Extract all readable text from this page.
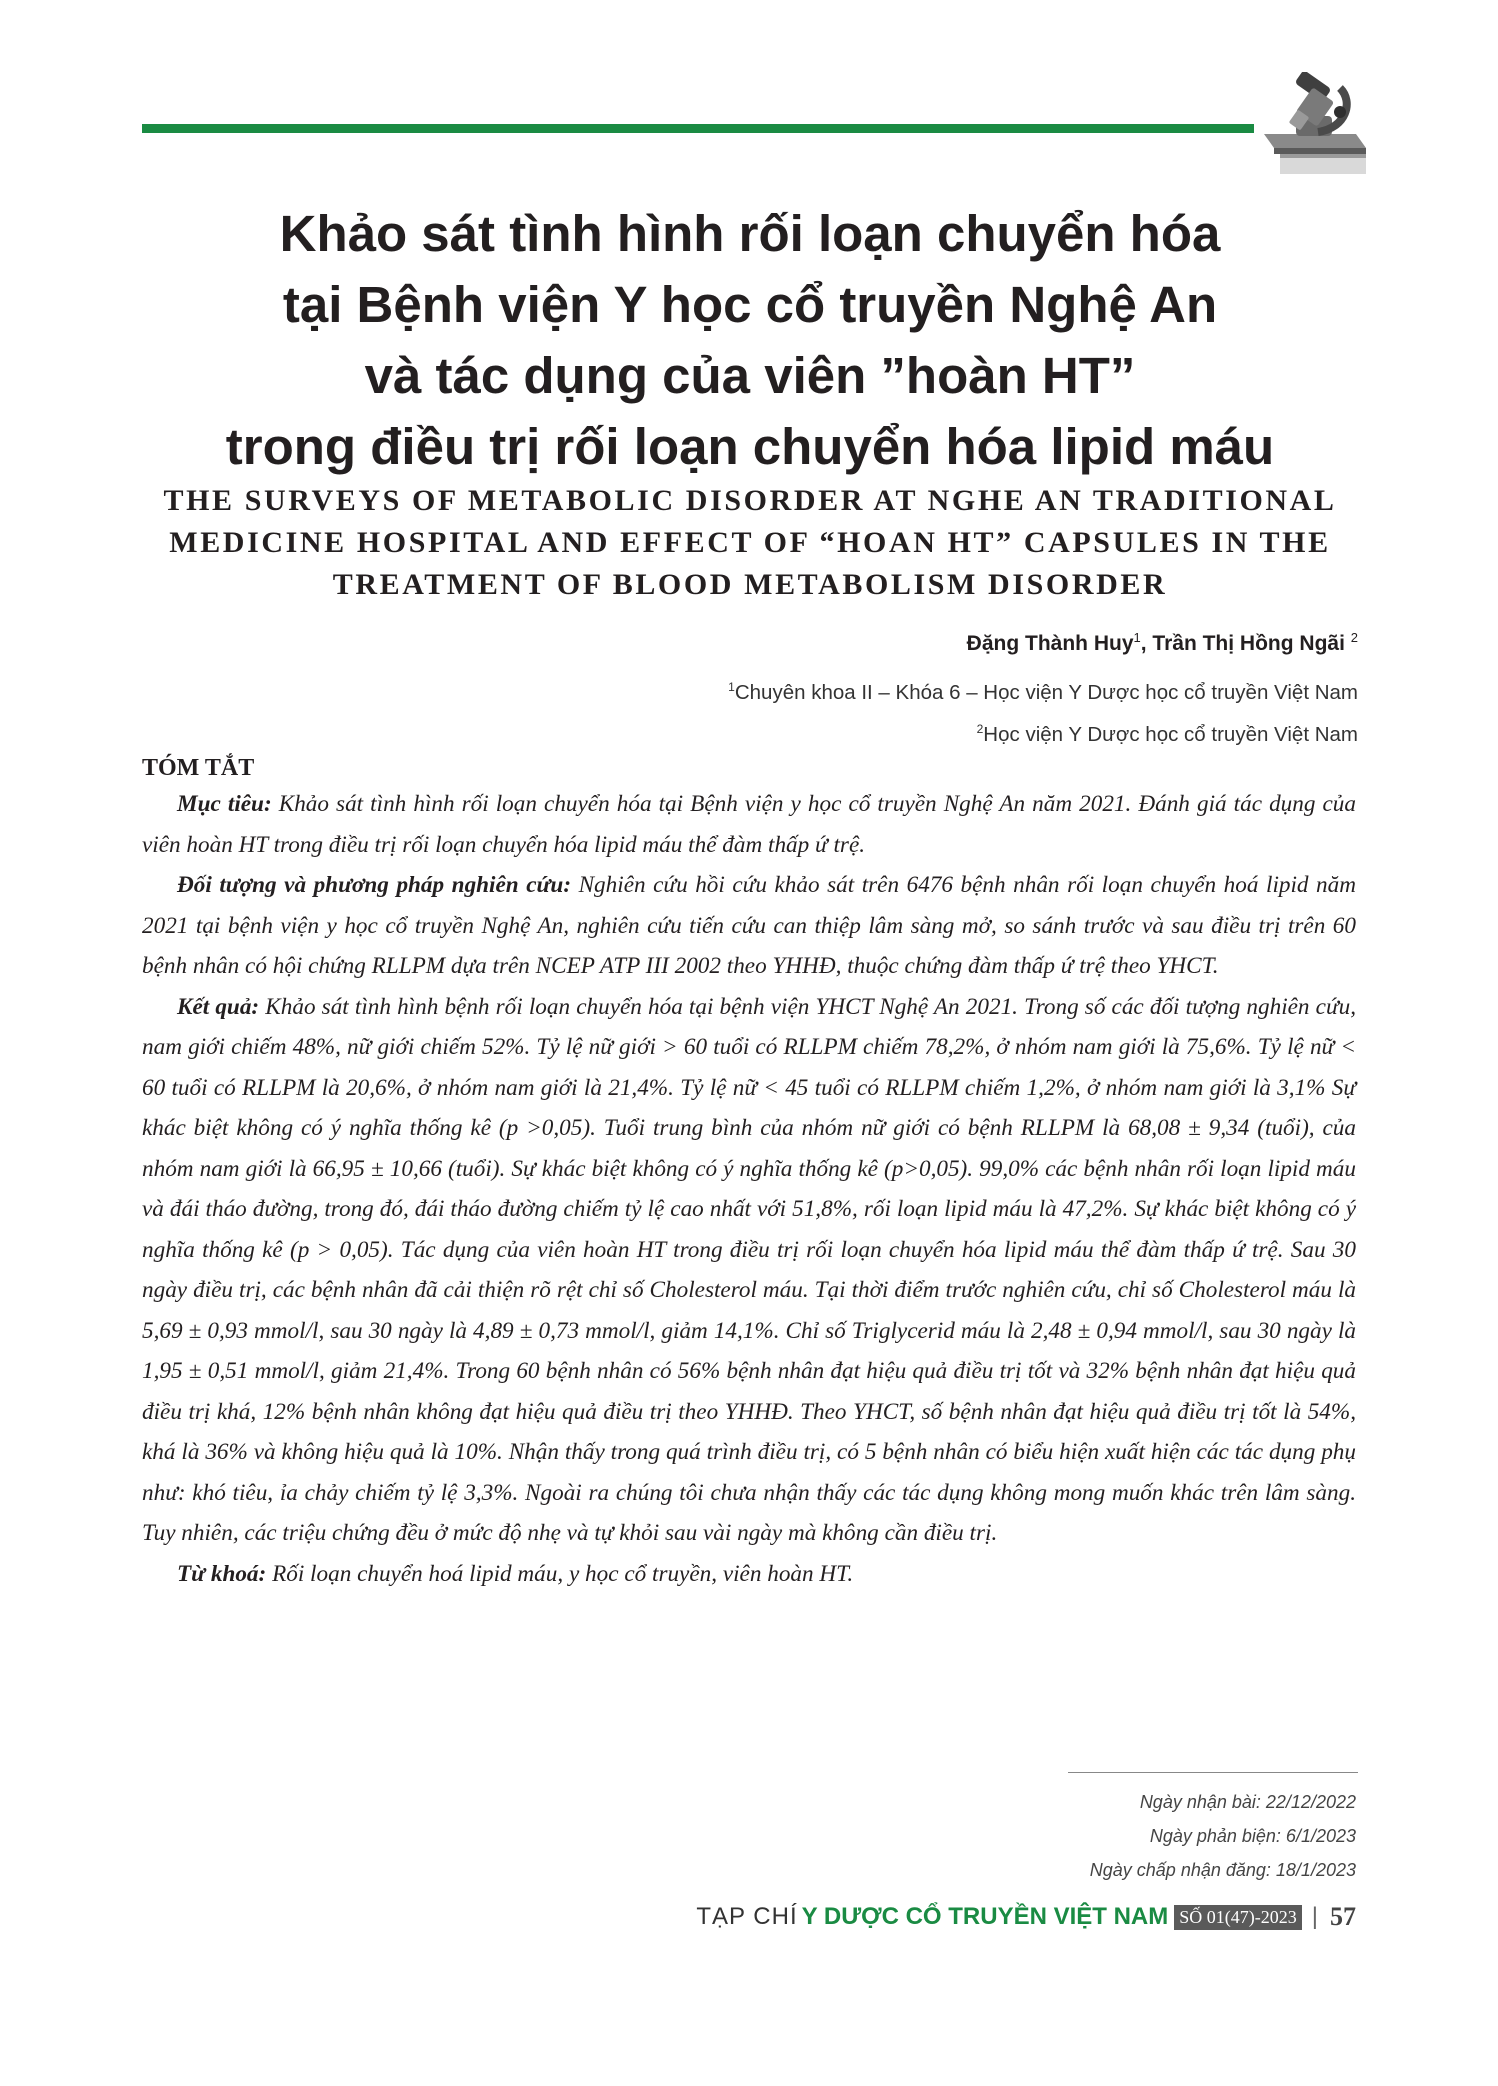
Khảo sát tình hình rối loạn chuyển hóa
tại Bệnh viện Y học cổ truyền Nghệ An
và tác dụng của viên ”hoàn HT”
trong điều trị rối loạn chuyển hóa lipid máu
THE SURVEYS OF METABOLIC DISORDER AT NGHE AN TRADITIONAL
MEDICINE HOSPITAL AND EFFECT OF “HOAN HT” CAPSULES IN THE
TREATMENT OF BLOOD METABOLISM DISORDER
Đặng Thành Huy$^1$, Trần Thị Hồng Ngãi $^2$
$^1$Chuyên khoa II – Khóa 6 – Học viện Y Dược học cổ truyền Việt Nam
$^2$Học viện Y Dược học cổ truyền Việt Nam
TÓM TẮT

Mục tiêu: Khảo sát tình hình rối loạn chuyển hóa tại Bệnh viện y học cổ truyền Nghệ An năm 2021. Đánh giá tác dụng của viên hoàn HT trong điều trị rối loạn chuyển hóa lipid máu thể đàm thấp ứ trệ.

Đối tượng và phương pháp nghiên cứu: Nghiên cứu hồi cứu khảo sát trên 6476 bệnh nhân rối loạn chuyển hoá lipid năm 2021 tại bệnh viện y học cổ truyền Nghệ An, nghiên cứu tiến cứu can thiệp lâm sàng mở, so sánh trước và sau điều trị trên 60 bệnh nhân có hội chứng RLLPM dựa trên NCEP ATP III 2002 theo YHHĐ, thuộc chứng đàm thấp ứ trệ theo YHCT.

Kết quả: Khảo sát tình hình bệnh rối loạn chuyển hóa tại bệnh viện YHCT Nghệ An 2021. Trong số các đối tượng nghiên cứu, nam giới chiếm 48%, nữ giới chiếm 52%. Tỷ lệ nữ giới > 60 tuổi có RLLPM chiếm 78,2%, ở nhóm nam giới là 75,6%. Tỷ lệ nữ < 60 tuổi có RLLPM là 20,6%, ở nhóm nam giới là 21,4%. Tỷ lệ nữ < 45 tuổi có RLLPM chiếm 1,2%, ở nhóm nam giới là 3,1% Sự khác biệt không có ý nghĩa thống kê (p >0,05). Tuổi trung bình của nhóm nữ giới có bệnh RLLPM là 68,08 ± 9,34 (tuổi), của nhóm nam giới là 66,95 ± 10,66 (tuổi). Sự khác biệt không có ý nghĩa thống kê (p>0,05). 99,0% các bệnh nhân rối loạn lipid máu và đái tháo đường, trong đó, đái tháo đường chiếm tỷ lệ cao nhất với 51,8%, rối loạn lipid máu là 47,2%. Sự khác biệt không có ý nghĩa thống kê (p > 0,05). Tác dụng của viên hoàn HT trong điều trị rối loạn chuyển hóa lipid máu thể đàm thấp ứ trệ. Sau 30 ngày điều trị, các bệnh nhân đã cải thiện rõ rệt chỉ số Cholesterol máu. Tại thời điểm trước nghiên cứu, chỉ số Cholesterol máu là 5,69 ± 0,93 mmol/l, sau 30 ngày là 4,89 ± 0,73 mmol/l, giảm 14,1%. Chỉ số Triglycerid máu là 2,48 ± 0,94 mmol/l, sau 30 ngày là 1,95 ± 0,51 mmol/l, giảm 21,4%. Trong 60 bệnh nhân có 56% bệnh nhân đạt hiệu quả điều trị tốt và 32% bệnh nhân đạt hiệu quả điều trị khá, 12% bệnh nhân không đạt hiệu quả điều trị theo YHHĐ. Theo YHCT, số bệnh nhân đạt hiệu quả điều trị tốt là 54%, khá là 36% và không hiệu quả là 10%. Nhận thấy trong quá trình điều trị, có 5 bệnh nhân có biểu hiện xuất hiện các tác dụng phụ như: khó tiêu, ỉa chảy chiếm tỷ lệ 3,3%. Ngoài ra chúng tôi chưa nhận thấy các tác dụng không mong muốn khác trên lâm sàng. Tuy nhiên, các triệu chứng đều ở mức độ nhẹ và tự khỏi sau vài ngày mà không cần điều trị.

Từ khoá: Rối loạn chuyển hoá lipid máu, y học cổ truyền, viên hoàn HT.

Ngày nhận bài: 22/12/2022
Ngày phản biện: 6/1/2023
Ngày chấp nhận đăng: 18/1/2023
TẠP CHÍ Y DƯỢC CỔ TRUYỀN VIỆT NAM SỐ 01(47)-2023 | 57
